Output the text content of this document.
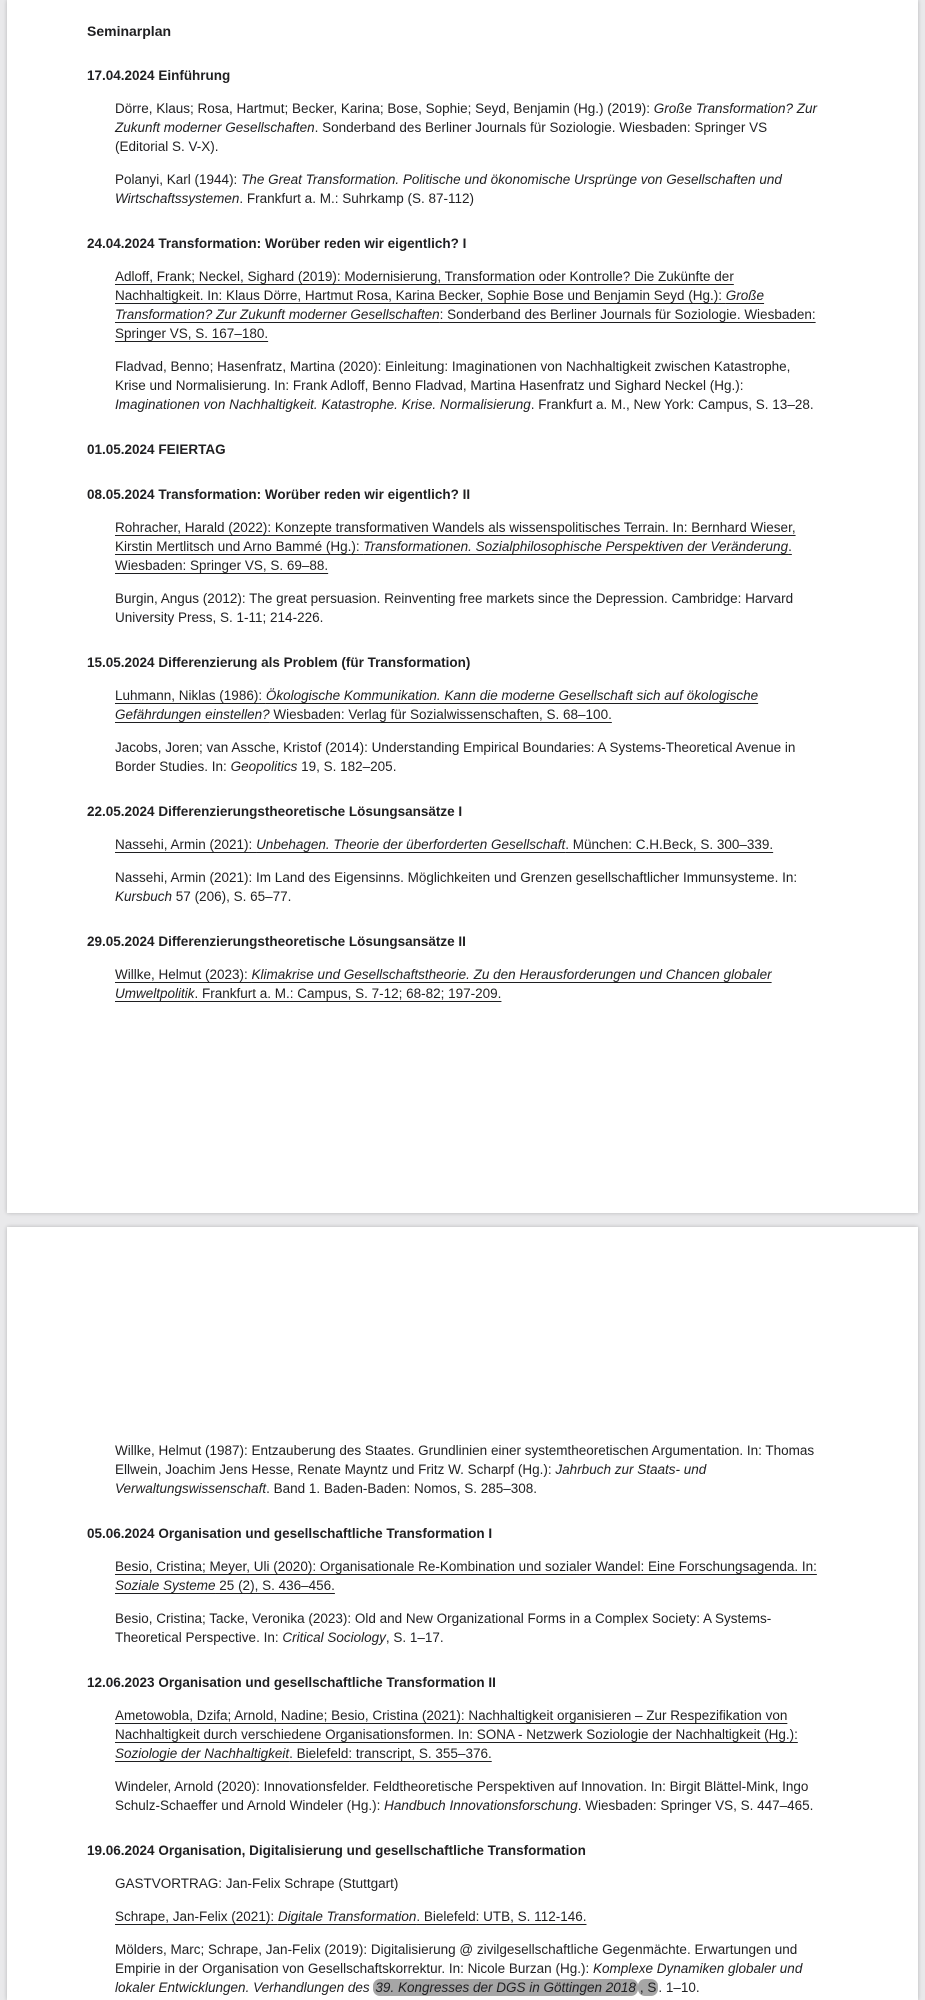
Seminarplan
17.04.2024 Einführung

Dörre, Klaus; Rosa, Hartmut; Becker, Karina; Bose, Sophie; Seyd, Benjamin (Hg.) (2019): Große Transformation? Zur Zukunft moderner Gesellschaften. Sonderband des Berliner Journals für Soziologie. Wiesbaden: Springer VS (Editorial S. V-X).

Polanyi, Karl (1944): The Great Transformation. Politische und ökonomische Ursprünge von Gesellschaften und Wirtschaftssystemen. Frankfurt a. M.: Suhrkamp (S. 87-112)

24.04.2024 Transformation: Worüber reden wir eigentlich? I

Adloff, Frank; Neckel, Sighard (2019): Modernisierung, Transformation oder Kontrolle? Die Zukünfte der Nachhaltigkeit. In: Klaus Dörre, Hartmut Rosa, Karina Becker, Sophie Bose und Benjamin Seyd (Hg.): Große Transformation? Zur Zukunft moderner Gesellschaften: Sonderband des Berliner Journals für Soziologie. Wiesbaden: Springer VS, S. 167–180.

Fladvad, Benno; Hasenfratz, Martina (2020): Einleitung: Imaginationen von Nachhaltigkeit zwischen Katastrophe, Krise und Normalisierung. In: Frank Adloff, Benno Fladvad, Martina Hasenfratz und Sighard Neckel (Hg.): Imaginationen von Nachhaltigkeit. Katastrophe. Krise. Normalisierung. Frankfurt a. M., New York: Campus, S. 13–28.

01.05.2024 FEIERTAG
08.05.2024 Transformation: Worüber reden wir eigentlich? II

Rohracher, Harald (2022): Konzepte transformativen Wandels als wissenspolitisches Terrain. In: Bernhard Wieser, Kirstin Mertlitsch und Arno Bammé (Hg.): Transformationen. Sozialphilosophische Perspektiven der Veränderung. Wiesbaden: Springer VS, S. 69–88.

Burgin, Angus (2012): The great persuasion. Reinventing free markets since the Depression. Cambridge: Harvard University Press, S. 1-11; 214-226.

15.05.2024 Differenzierung als Problem (für Transformation)

Luhmann, Niklas (1986): Ökologische Kommunikation. Kann die moderne Gesellschaft sich auf ökologische Gefährdungen einstellen? Wiesbaden: Verlag für Sozialwissenschaften, S. 68–100.

Jacobs, Joren; van Assche, Kristof (2014): Understanding Empirical Boundaries: A Systems-Theoretical Avenue in Border Studies. In: Geopolitics 19, S. 182–205.

22.05.2024 Differenzierungstheoretische Lösungsansätze I

Nassehi, Armin (2021): Unbehagen. Theorie der überforderten Gesellschaft. München: C.H.Beck, S. 300–339.

Nassehi, Armin (2021): Im Land des Eigensinns. Möglichkeiten und Grenzen gesellschaftlicher Immunsysteme. In: Kursbuch 57 (206), S. 65–77.

29.05.2024 Differenzierungstheoretische Lösungsansätze II

Willke, Helmut (2023): Klimakrise und Gesellschaftstheorie. Zu den Herausforderungen und Chancen globaler Umweltpolitik. Frankfurt a. M.: Campus, S. 7-12; 68-82; 197-209.

Willke, Helmut (1987): Entzauberung des Staates. Grundlinien einer systemtheoretischen Argumentation. In: Thomas Ellwein, Joachim Jens Hesse, Renate Mayntz und Fritz W. Scharpf (Hg.): Jahrbuch zur Staats- und Verwaltungswissenschaft. Band 1. Baden-Baden: Nomos, S. 285–308.

05.06.2024 Organisation und gesellschaftliche Transformation I

Besio, Cristina; Meyer, Uli (2020): Organisationale Re-Kombination und sozialer Wandel: Eine Forschungsagenda. In: Soziale Systeme 25 (2), S. 436–456.

Besio, Cristina; Tacke, Veronika (2023): Old and New Organizational Forms in a Complex Society: A Systems-Theoretical Perspective. In: Critical Sociology, S. 1–17.

12.06.2023 Organisation und gesellschaftliche Transformation II

Ametowobla, Dzifa; Arnold, Nadine; Besio, Cristina (2021): Nachhaltigkeit organisieren – Zur Respezifikation von Nachhaltigkeit durch verschiedene Organisationsformen. In: SONA - Netzwerk Soziologie der Nachhaltigkeit (Hg.): Soziologie der Nachhaltigkeit. Bielefeld: transcript, S. 355–376.

Windeler, Arnold (2020): Innovationsfelder. Feldtheoretische Perspektiven auf Innovation. In: Birgit Blättel-Mink, Ingo Schulz-Schaeffer und Arnold Windeler (Hg.): Handbuch Innovationsforschung. Wiesbaden: Springer VS, S. 447–465.

19.06.2024 Organisation, Digitalisierung und gesellschaftliche Transformation

GASTVORTRAG: Jan-Felix Schrape (Stuttgart)

Schrape, Jan-Felix (2021): Digitale Transformation. Bielefeld: UTB, S. 112-146.

Mölders, Marc; Schrape, Jan-Felix (2019): Digitalisierung @ zivilgesellschaftliche Gegenmächte. Erwartungen und Empirie in der Organisation von Gesellschaftskorrektur. In: Nicole Burzan (Hg.): Komplexe Dynamiken globaler und lokaler Entwicklungen. Verhandlungen des 39. Kongresses der DGS in Göttingen 2018 , S . 1–10.
